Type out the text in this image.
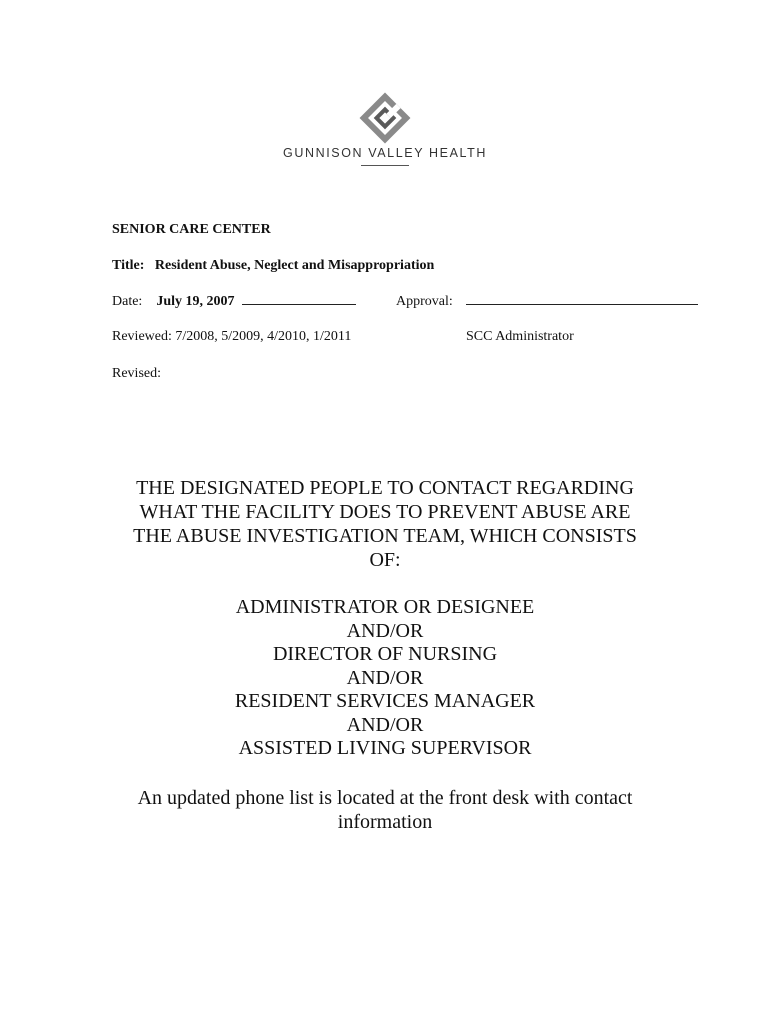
GUNNISON VALLEY HEALTH
SENIOR CARE CENTER
Title: Resident Abuse, Neglect and Misappropriation
Date: July 19, 2007	Approval:
Reviewed: 7/2008, 5/2009, 4/2010, 1/2011	SCC Administrator
Revised:
THE DESIGNATED PEOPLE TO CONTACT REGARDING
WHAT THE FACILITY DOES TO PREVENT ABUSE ARE
THE ABUSE INVESTIGATION TEAM, WHICH CONSISTS
OF:
ADMINISTRATOR OR DESIGNEE
AND/OR
DIRECTOR OF NURSING
AND/OR
RESIDENT SERVICES MANAGER
AND/OR
ASSISTED LIVING SUPERVISOR
An updated phone list is located at the front desk with contact
information
